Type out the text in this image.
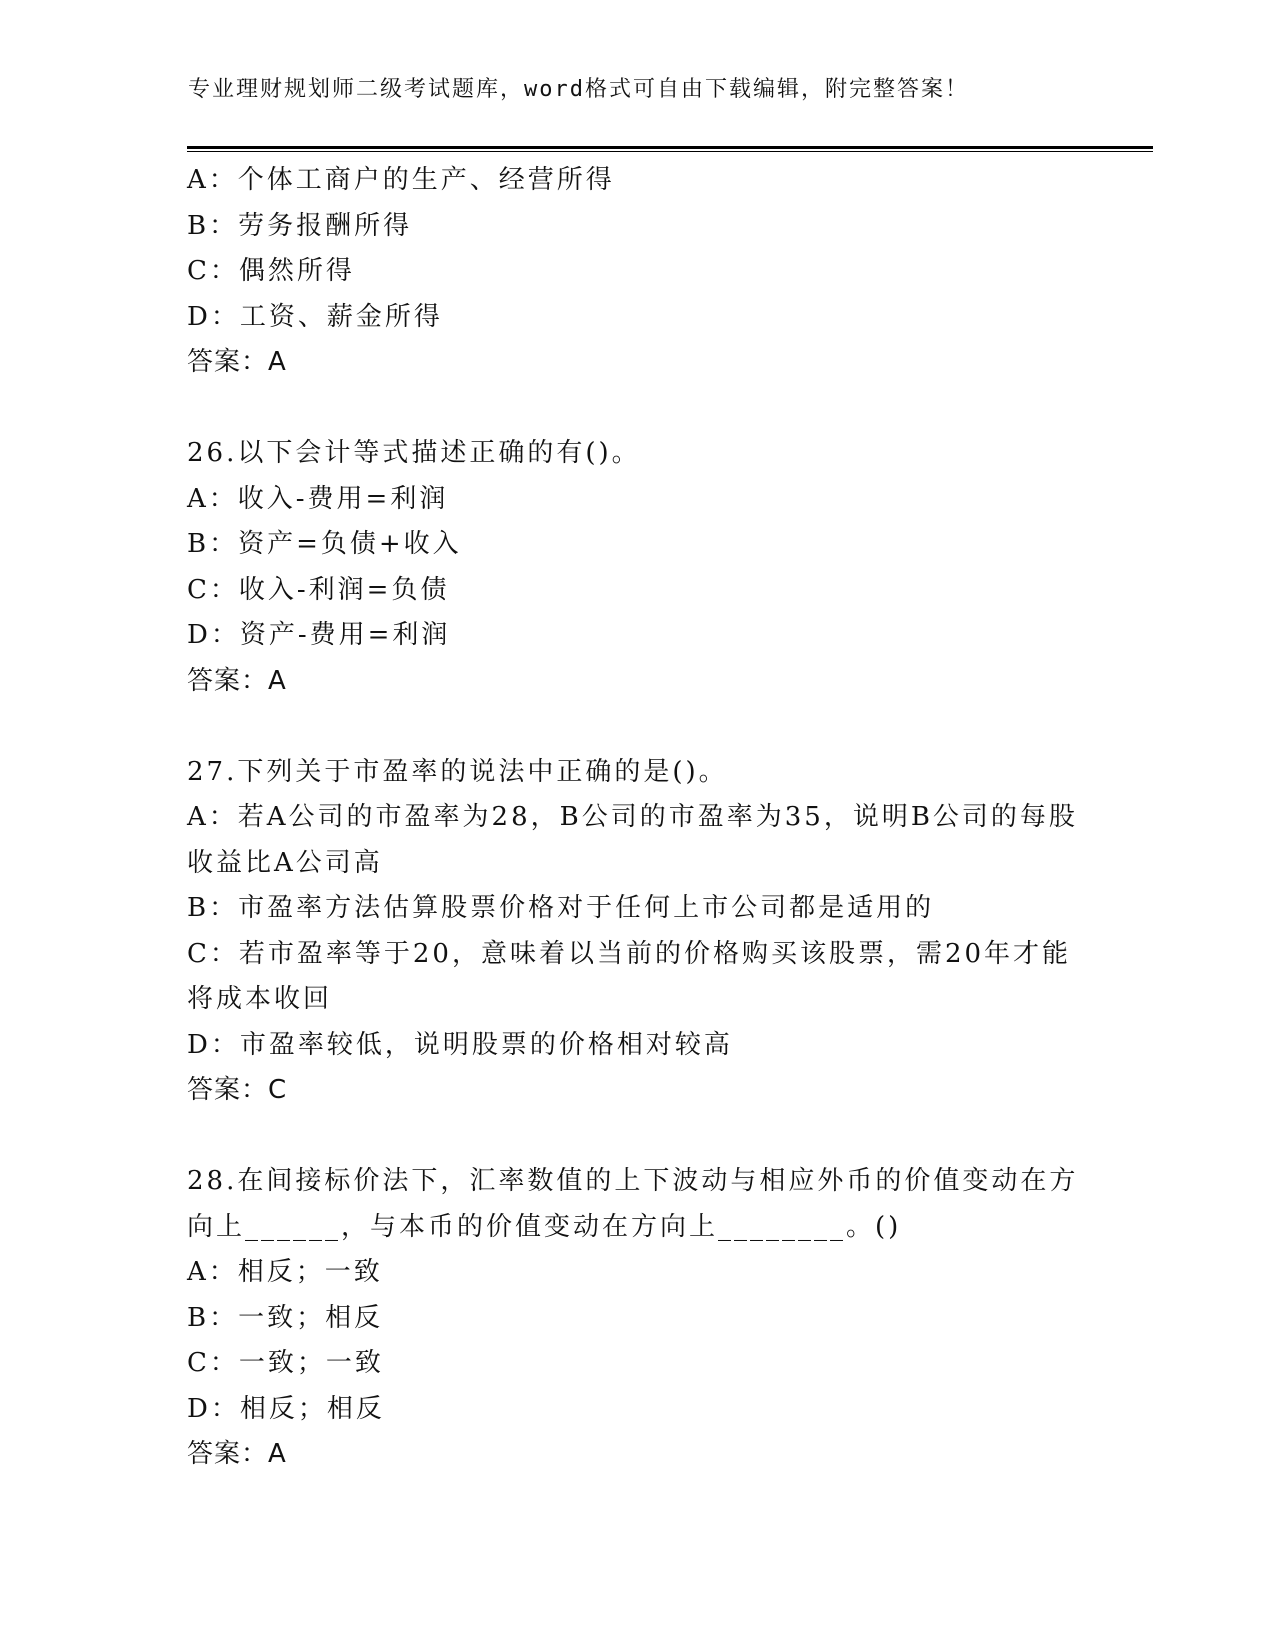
专业理财规划师二级考试题库，word格式可自由下载编辑，附完整答案！
A：个体工商户的生产、经营所得
B：劳务报酬所得
C：偶然所得
D：工资、薪金所得
答案：A
26.以下会计等式描述正确的有()。
A：收入-费用=利润
B：资产=负债+收入
C：收入-利润=负债
D：资产-费用=利润
答案：A
27.下列关于市盈率的说法中正确的是()。
A：若A公司的市盈率为28，B公司的市盈率为35，说明B公司的每股
收益比A公司高
B：市盈率方法估算股票价格对于任何上市公司都是适用的
C：若市盈率等于20，意味着以当前的价格购买该股票，需20年才能
将成本收回
D：市盈率较低，说明股票的价格相对较高
答案：C
28.在间接标价法下，汇率数值的上下波动与相应外币的价值变动在方
向上______，与本币的价值变动在方向上________。()
A：相反；一致
B：一致；相反
C：一致；一致
D：相反；相反
答案：A
